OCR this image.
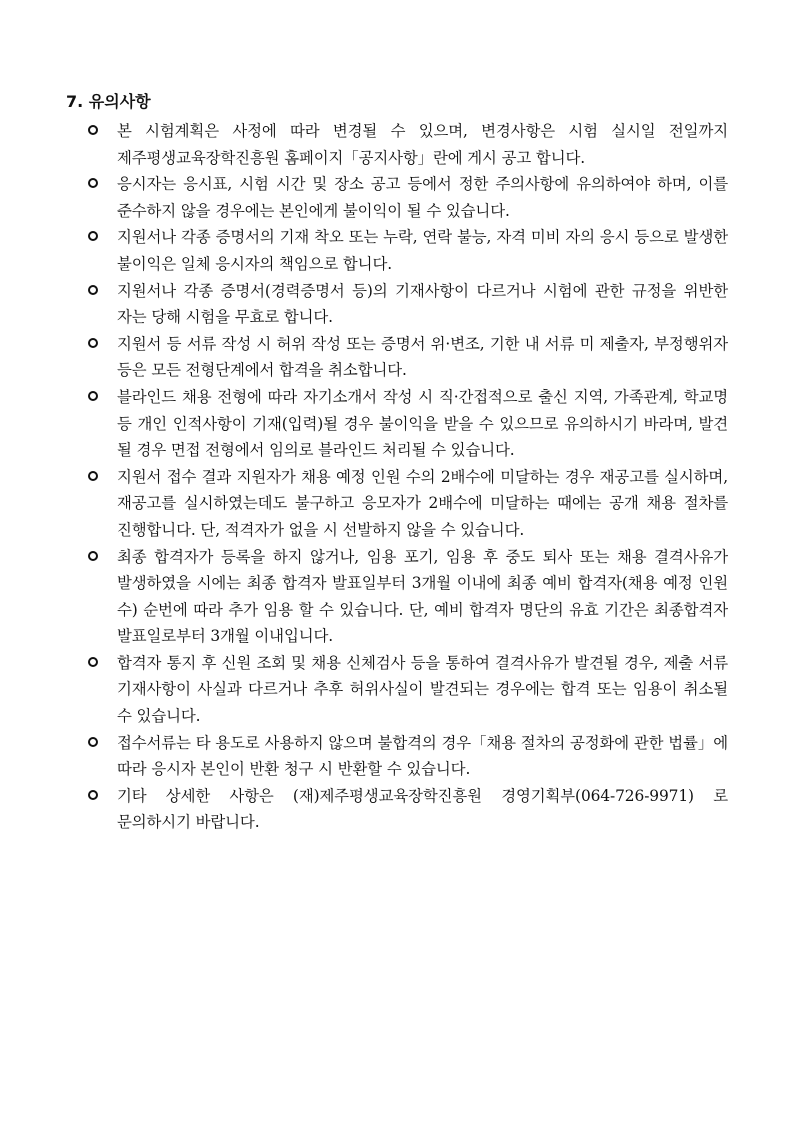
7. 유의사항
본 시험계획은 사정에 따라 변경될 수 있으며, 변경사항은 시험 실시일 전일까지 제주평생교육장학진흥원 홈페이지「공지사항」란에 게시 공고 합니다.
응시자는 응시표, 시험 시간 및 장소 공고 등에서 정한 주의사항에 유의하여야 하며, 이를 준수하지 않을 경우에는 본인에게 불이익이 될 수 있습니다.
지원서나 각종 증명서의 기재 착오 또는 누락, 연락 불능, 자격 미비 자의 응시 등으로 발생한 불이익은 일체 응시자의 책임으로 합니다.
지원서나 각종 증명서(경력증명서 등)의 기재사항이 다르거나 시험에 관한 규정을 위반한 자는 당해 시험을 무효로 합니다.
지원서 등 서류 작성 시 허위 작성 또는 증명서 위·변조, 기한 내 서류 미 제출자, 부정행위자 등은 모든 전형단계에서 합격을 취소합니다.
블라인드 채용 전형에 따라 자기소개서 작성 시 직·간접적으로 출신 지역, 가족관계, 학교명 등 개인 인적사항이 기재(입력)될 경우 불이익을 받을 수 있으므로 유의하시기 바라며, 발견 될 경우 면접 전형에서 임의로 블라인드 처리될 수 있습니다.
지원서 접수 결과 지원자가 채용 예정 인원 수의 2배수에 미달하는 경우 재공고를 실시하며, 재공고를 실시하였는데도 불구하고 응모자가 2배수에 미달하는 때에는 공개 채용 절차를 진행합니다. 단, 적격자가 없을 시 선발하지 않을 수 있습니다.
최종 합격자가 등록을 하지 않거나, 임용 포기, 임용 후 중도 퇴사 또는 채용 결격사유가 발생하였을 시에는 최종 합격자 발표일부터 3개월 이내에 최종 예비 합격자(채용 예정 인원 수) 순번에 따라 추가 임용 할 수 있습니다. 단, 예비 합격자 명단의 유효 기간은 최종합격자 발표일로부터 3개월 이내입니다.
합격자 통지 후 신원 조회 및 채용 신체검사 등을 통하여 결격사유가 발견될 경우, 제출 서류 기재사항이 사실과 다르거나 추후 허위사실이 발견되는 경우에는 합격 또는 임용이 취소될 수 있습니다.
접수서류는 타 용도로 사용하지 않으며 불합격의 경우「채용 절차의 공정화에 관한 법률」에 따라 응시자 본인이 반환 청구 시 반환할 수 있습니다.
기타 상세한 사항은 (재)제주평생교육장학진흥원 경영기획부(064-726-9971) 로 문의하시기 바랍니다.
